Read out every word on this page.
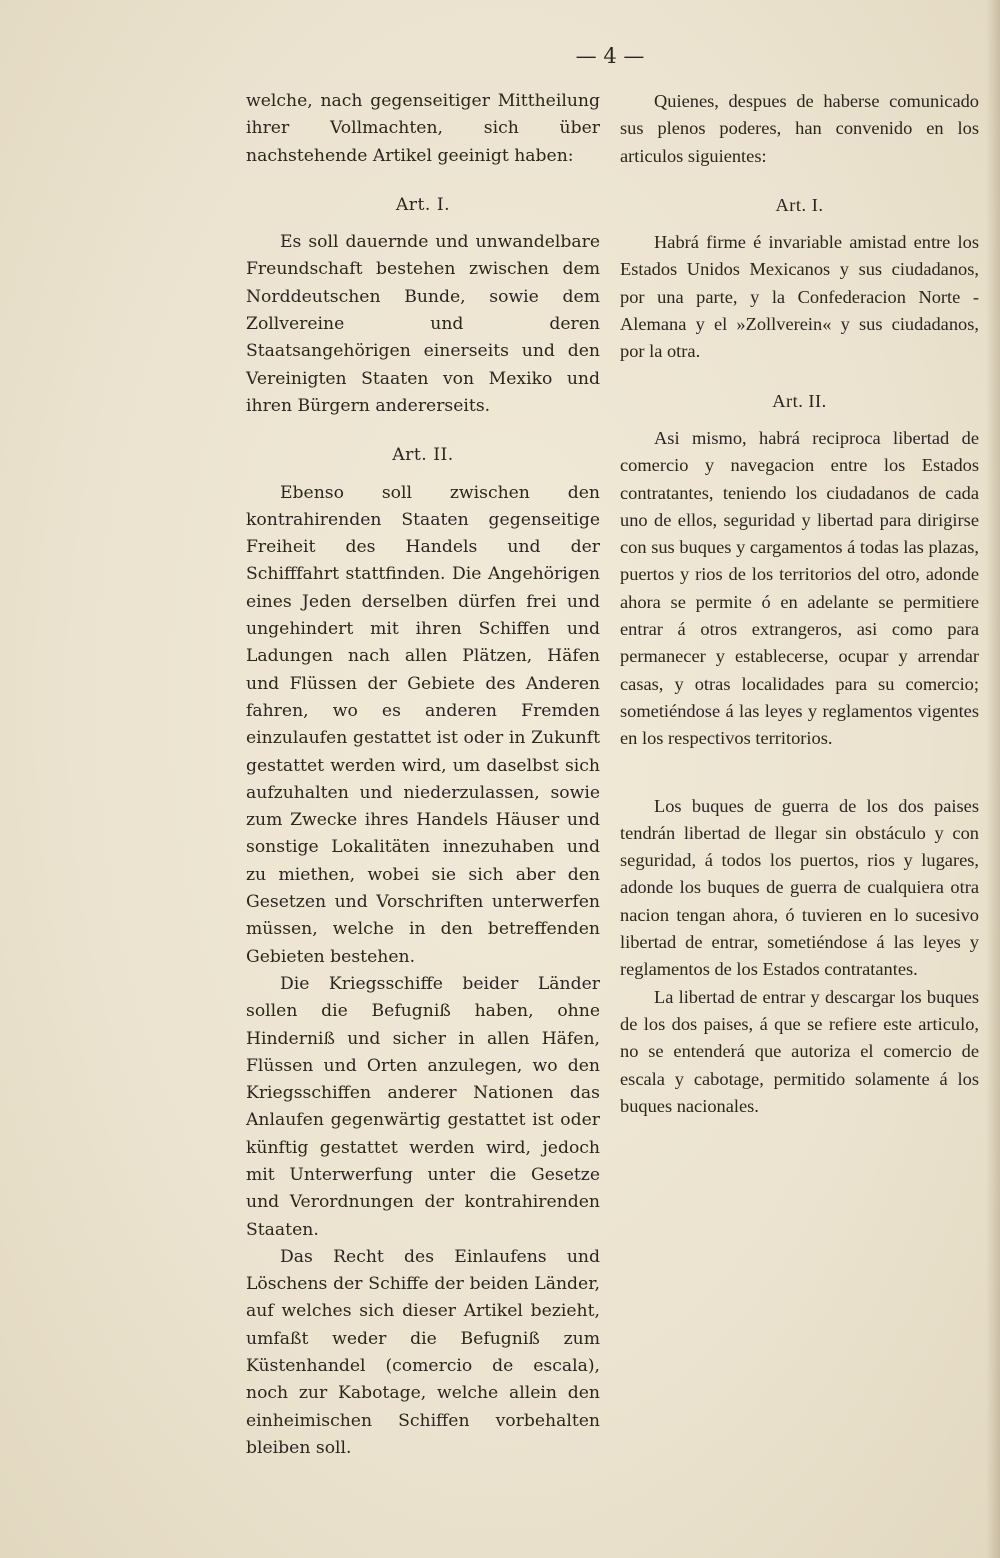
— 4 —

welche, nach gegenseitiger Mittheilung ihrer Vollmachten, sich über nachstehende Artikel geeinigt haben:

Art. I.

Es soll dauernde und unwandelbare Freundschaft bestehen zwischen dem Norddeutschen Bunde, sowie dem Zollvereine und deren Staatsangehörigen einerseits und den Vereinigten Staaten von Mexiko und ihren Bürgern andererseits.

Art. II.

Ebenso soll zwischen den kontrahirenden Staaten gegenseitige Freiheit des Handels und der Schifffahrt stattfinden. Die Angehörigen eines Jeden derselben dürfen frei und ungehindert mit ihren Schiffen und Ladungen nach allen Plätzen, Häfen und Flüssen der Gebiete des Anderen fahren, wo es anderen Fremden einzulaufen gestattet ist oder in Zukunft gestattet werden wird, um daselbst sich aufzuhalten und niederzulassen, sowie zum Zwecke ihres Handels Häuser und sonstige Lokalitäten innezuhaben und zu miethen, wobei sie sich aber den Gesetzen und Vorschriften unterwerfen müssen, welche in den betreffenden Gebieten bestehen.

Die Kriegsschiffe beider Länder sollen die Befugniß haben, ohne Hinderniß und sicher in allen Häfen, Flüssen und Orten anzulegen, wo den Kriegsschiffen anderer Nationen das Anlaufen gegenwärtig gestattet ist oder künftig gestattet werden wird, jedoch mit Unterwerfung unter die Gesetze und Verordnungen der kontrahirenden Staaten.

Das Recht des Einlaufens und Löschens der Schiffe der beiden Länder, auf welches sich dieser Artikel bezieht, umfaßt weder die Befugniß zum Küstenhandel (comercio de escala), noch zur Kabotage, welche allein den einheimischen Schiffen vorbehalten bleiben soll.

Quienes, despues de haberse comunicado sus plenos poderes, han convenido en los articulos siguientes:

Art. I.

Habrá firme é invariable amistad entre los Estados Unidos Mexicanos y sus ciudadanos, por una parte, y la Confederacion Norte - Alemana y el »Zollverein« y sus ciudadanos, por la otra.

Art. II.

Asi mismo, habrá reciproca libertad de comercio y navegacion entre los Estados contratantes, teniendo los ciudadanos de cada uno de ellos, seguridad y libertad para dirigirse con sus buques y cargamentos á todas las plazas, puertos y rios de los territorios del otro, adonde ahora se permite ó en adelante se permitiere entrar á otros extrangeros, asi como para permanecer y establecerse, ocupar y arrendar casas, y otras localidades para su comercio; sometiéndose á las leyes y reglamentos vigentes en los respectivos territorios.

Los buques de guerra de los dos paises tendrán libertad de llegar sin obstáculo y con seguridad, á todos los puertos, rios y lugares, adonde los buques de guerra de cualquiera otra nacion tengan ahora, ó tuvieren en lo sucesivo libertad de entrar, sometiéndose á las leyes y reglamentos de los Estados contratantes.

La libertad de entrar y descargar los buques de los dos paises, á que se refiere este articulo, no se entenderá que autoriza el comercio de escala y cabotage, permitido solamente á los buques nacionales.
